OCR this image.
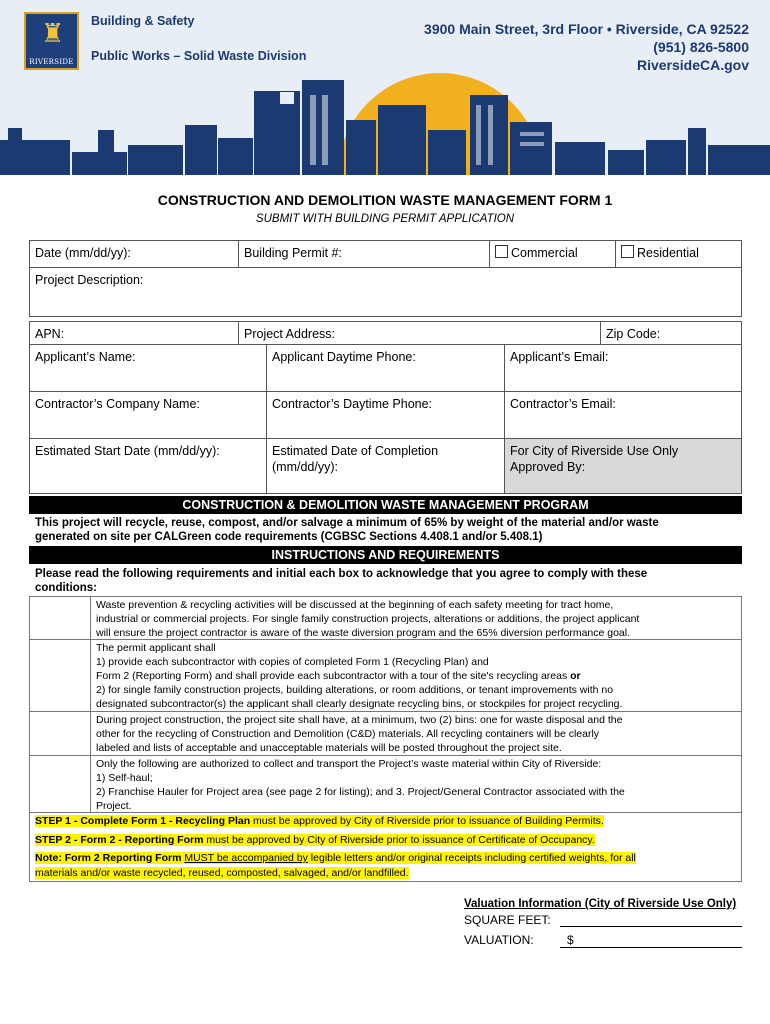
♜
RIVERSIDE
Building & Safety
Public Works – Solid Waste Division
3900 Main Street, 3rd Floor • Riverside, CA 92522
(951) 826-5800
RiversideCA.gov
CONSTRUCTION AND DEMOLITION WASTE MANAGEMENT FORM 1
SUBMIT WITH BUILDING PERMIT APPLICATION
Date (mm/dd/yy):	Building Permit #:	Commercial	Residential
Project Description:
APN:	Project Address:	Zip Code:
Applicant’s Name:	Applicant Daytime Phone:	Applicant’s Email:
Contractor’s Company Name:	Contractor’s Daytime Phone:	Contractor’s Email:
Estimated Start Date (mm/dd/yy):	Estimated Date of Completion
(mm/dd/yy):
For City of Riverside Use Only
Approved By:
CONSTRUCTION & DEMOLITION WASTE MANAGEMENT PROGRAM
This project will recycle, reuse, compost, and/or salvage a minimum of 65% by weight of the material and/or waste
generated on site per CALGreen code requirements (CGBSC Sections 4.408.1 and/or 5.408.1)
INSTRUCTIONS AND REQUIREMENTS
Please read the following requirements and initial each box to acknowledge that you agree to comply with these
conditions:
Waste prevention & recycling activities will be discussed at the beginning of each safety meeting for tract home,
industrial or commercial projects. For single family construction projects, alterations or additions, the project applicant
will ensure the project contractor is aware of the waste diversion program and the 65% diversion performance goal.
The permit applicant shall
1) provide each subcontractor with copies of completed Form 1 (Recycling Plan) and
Form 2 (Reporting Form) and shall provide each subcontractor with a tour of the site's recycling areas or
2) for single family construction projects, building alterations, or room additions, or tenant improvements with no
designated subcontractor(s) the applicant shall clearly designate recycling bins, or stockpiles for project recycling.
During project construction, the project site shall have, at a minimum, two (2) bins: one for waste disposal and the
other for the recycling of Construction and Demolition (C&D) materials. All recycling containers will be clearly
labeled and lists of acceptable and unacceptable materials will be posted throughout the project site.
Only the following are authorized to collect and transport the Project’s waste material within City of Riverside:
1) Self-haul;
2) Franchise Hauler for Project area (see page 2 for listing); and 3. Project/General Contractor associated with the
Project.
STEP 1 - Complete Form 1 - Recycling Plan must be approved by City of Riverside prior to issuance of Building Permits.
STEP 2 - Form 2 - Reporting Form must be approved by City of Riverside prior to issuance of Certificate of Occupancy.
Note: Form 2 Reporting Form MUST be accompanied by legible letters and/or original receipts including certified weights, for all
materials and/or waste recycled, reused, composted, salvaged, and/or landfilled.
Valuation Information (City of Riverside Use Only)
SQUARE FEET:
VALUATION:	$
